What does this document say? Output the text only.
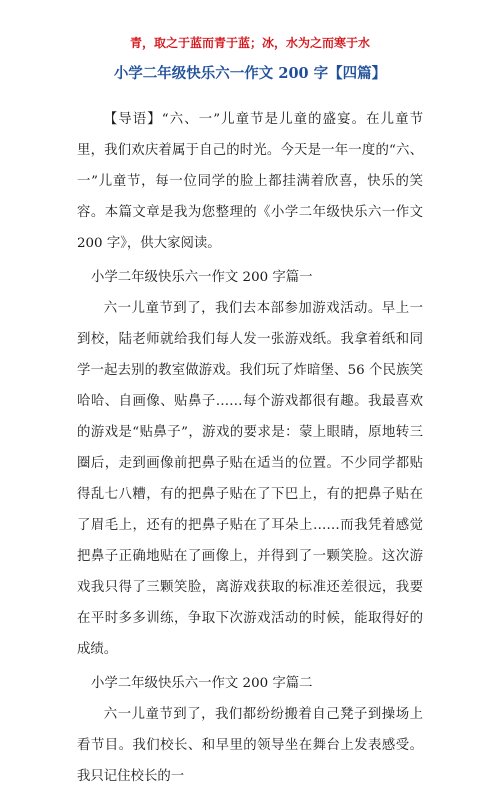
青，取之于蓝而青于蓝；冰，水为之而寒于水
小学二年级快乐六一作文 200 字【四篇】

【导语】“六、一”儿童节是儿童的盛宴。在儿童节里，我们欢庆着属于自己的时光。今天是一年一度的“六、一”儿童节，每一位同学的脸上都挂满着欣喜，快乐的笑容。本篇文章是我为您整理的《小学二年级快乐六一作文 200 字》，供大家阅读。

小学二年级快乐六一作文 200 字篇一

六一儿童节到了，我们去本部参加游戏活动。早上一到校，陆老师就给我们每人发一张游戏纸。我拿着纸和同学一起去别的教室做游戏。我们玩了炸暗堡、56 个民族笑哈哈、自画像、贴鼻子……每个游戏都很有趣。我最喜欢的游戏是“贴鼻子”，游戏的要求是：蒙上眼睛，原地转三圈后，走到画像前把鼻子贴在适当的位置。不少同学都贴得乱七八糟，有的把鼻子贴在了下巴上，有的把鼻子贴在了眉毛上，还有的把鼻子贴在了耳朵上……而我凭着感觉把鼻子正确地贴在了画像上，并得到了一颗笑脸。这次游戏我只得了三颗笑脸，离游戏获取的标准还差很远，我要在平时多多训练，争取下次游戏活动的时候，能取得好的成绩。

小学二年级快乐六一作文 200 字篇二

六一儿童节到了，我们都纷纷搬着自己凳子到操场上看节目。我们校长、和早里的领导坐在舞台上发表感受。我只记住校长的一
